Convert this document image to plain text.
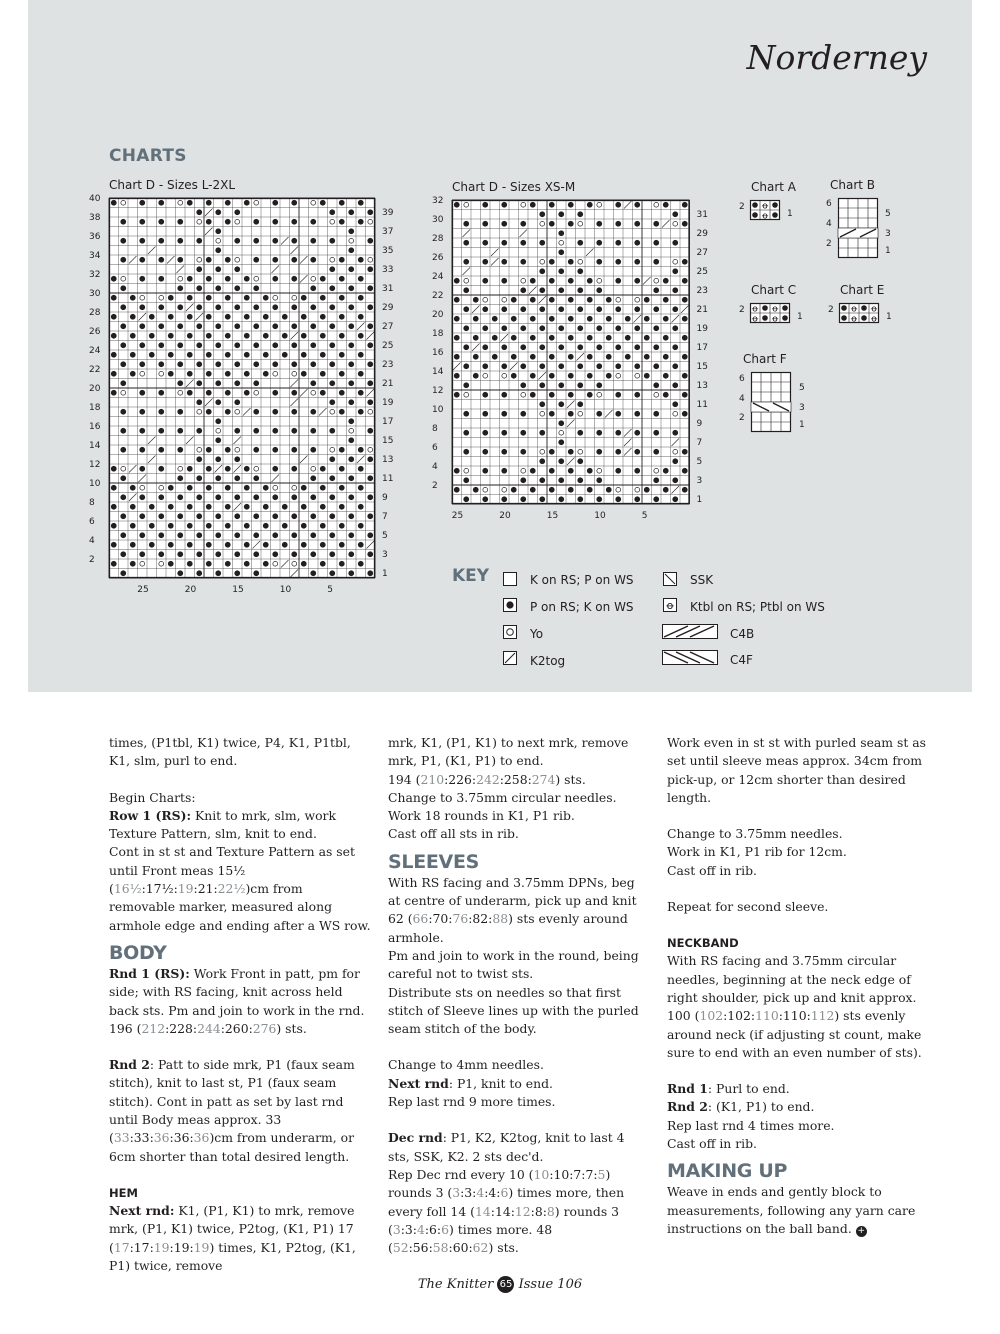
Norderney
CHARTS
Chart D - Sizes L-2XL
40
38
36
34
32
30
28
26
24
22
20
18
16
14
12
10
8
6
4
2
39
37
35
33
31
29
27
25
23
21
19
17
15
13
11
9
7
5
3
1
25	20	15	10	5
Chart D - Sizes XS-M
32
30
28
26
24
22
20
18
16
14
12
10
8
6
4
2
31
29
27
25
23
21
19
17
15
13
11
9
7
5
3
1
25	20	15	10	5
Chart A
ꝋ
ꝋ
2
1
Chart B
6
4
2
5
3
1
Chart C
ꝋ
ꝋ
ꝋ
ꝋ
2
1
Chart E
ꝋ
ꝋ
ꝋ
ꝋ
2
1
Chart F
6
4
2
5
3
1
KEY	K on RS; P on WS
P on RS; K on WS
Yo
K2tog
SSK
ꝋ Ktbl on RS; Ptbl on WS
C4B
C4F

times, (P1tbl, K1) twice, P4, K1, P1tbl, K1, slm, purl to end.

Begin Charts:

Row 1 (RS): Knit to mrk, slm, work Texture Pattern, slm, knit to end.

Cont in st st and Texture Pattern as set until Front meas 15½ (16½:17½:19:21:22½)cm from removable marker, measured along armhole edge and ending after a WS row.

BODY

Rnd 1 (RS): Work Front in patt, pm for side; with RS facing, knit across held back sts. Pm and join to work in the rnd.

196 (212:228:244:260:276) sts.

Rnd 2: Patt to side mrk, P1 (faux seam stitch), knit to last st, P1 (faux seam stitch). Cont in patt as set by last rnd until Body meas approx. 33 (33:33:36:36:36)cm from underarm, or 6cm shorter than total desired length.

HEM

Next rnd: K1, (P1, K1) to mrk, remove mrk, (P1, K1) twice, P2tog, (K1, P1) 17 (17:17:19:19:19) times, K1, P2tog, (K1, P1) twice, remove

mrk, K1, (P1, K1) to next mrk, remove mrk, P1, (K1, P1) to end.

194 (210:226:242:258:274) sts.

Change to 3.75mm circular needles.

Work 18 rounds in K1, P1 rib.

Cast off all sts in rib.

SLEEVES

With RS facing and 3.75mm DPNs, beg at centre of underarm, pick up and knit 62 (66:70:76:82:88) sts evenly around armhole.

Pm and join to work in the round, being careful not to twist sts.

Distribute sts on needles so that first stitch of Sleeve lines up with the purled seam stitch of the body.

Change to 4mm needles.

Next rnd: P1, knit to end.

Rep last rnd 9 more times.

Dec rnd: P1, K2, K2tog, knit to last 4 sts, SSK, K2. 2 sts dec'd.

Rep Dec rnd every 10 (10:10:7:7:5) rounds 3 (3:3:4:4:6) times more, then every foll 14 (14:14:12:8:8) rounds 3 (3:3:4:6:6) times more. 48 (52:56:58:60:62) sts.

Work even in st st with purled seam st as set until sleeve meas approx. 34cm from pick-up, or 12cm shorter than desired length.

Change to 3.75mm needles.

Work in K1, P1 rib for 12cm.

Cast off in rib.

Repeat for second sleeve.

NECKBAND

With RS facing and 3.75mm circular needles, beginning at the neck edge of right shoulder, pick up and knit approx. 100 (102:102:110:110:112) sts evenly around neck (if adjusting st count, make sure to end with an even number of sts).

Rnd 1: Purl to end.

Rnd 2: (K1, P1) to end.

Rep last rnd 4 times more.

Cast off in rib.

MAKING UP

Weave in ends and gently block to measurements, following any yarn care instructions on the ball band. +

The Knitter 65 Issue 106
